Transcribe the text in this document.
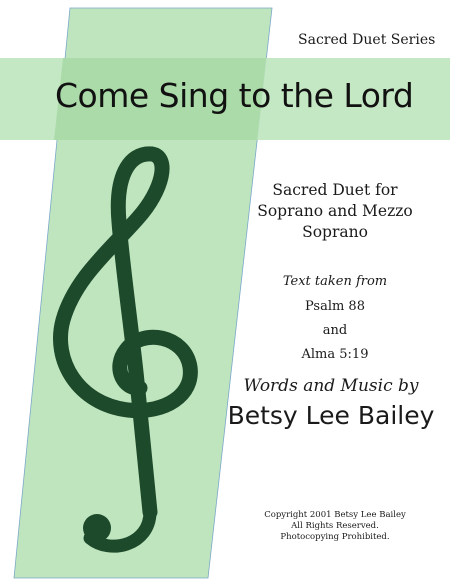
Sacred Duet Series
Come Sing to the Lord
Sacred Duet for
Soprano and Mezzo
Soprano
Text taken from
Psalm 88
and
Alma 5:19
Words and Music by
Betsy Lee Bailey
Copyright 2001 Betsy Lee Bailey
All Rights Reserved.
Photocopying Prohibited.
